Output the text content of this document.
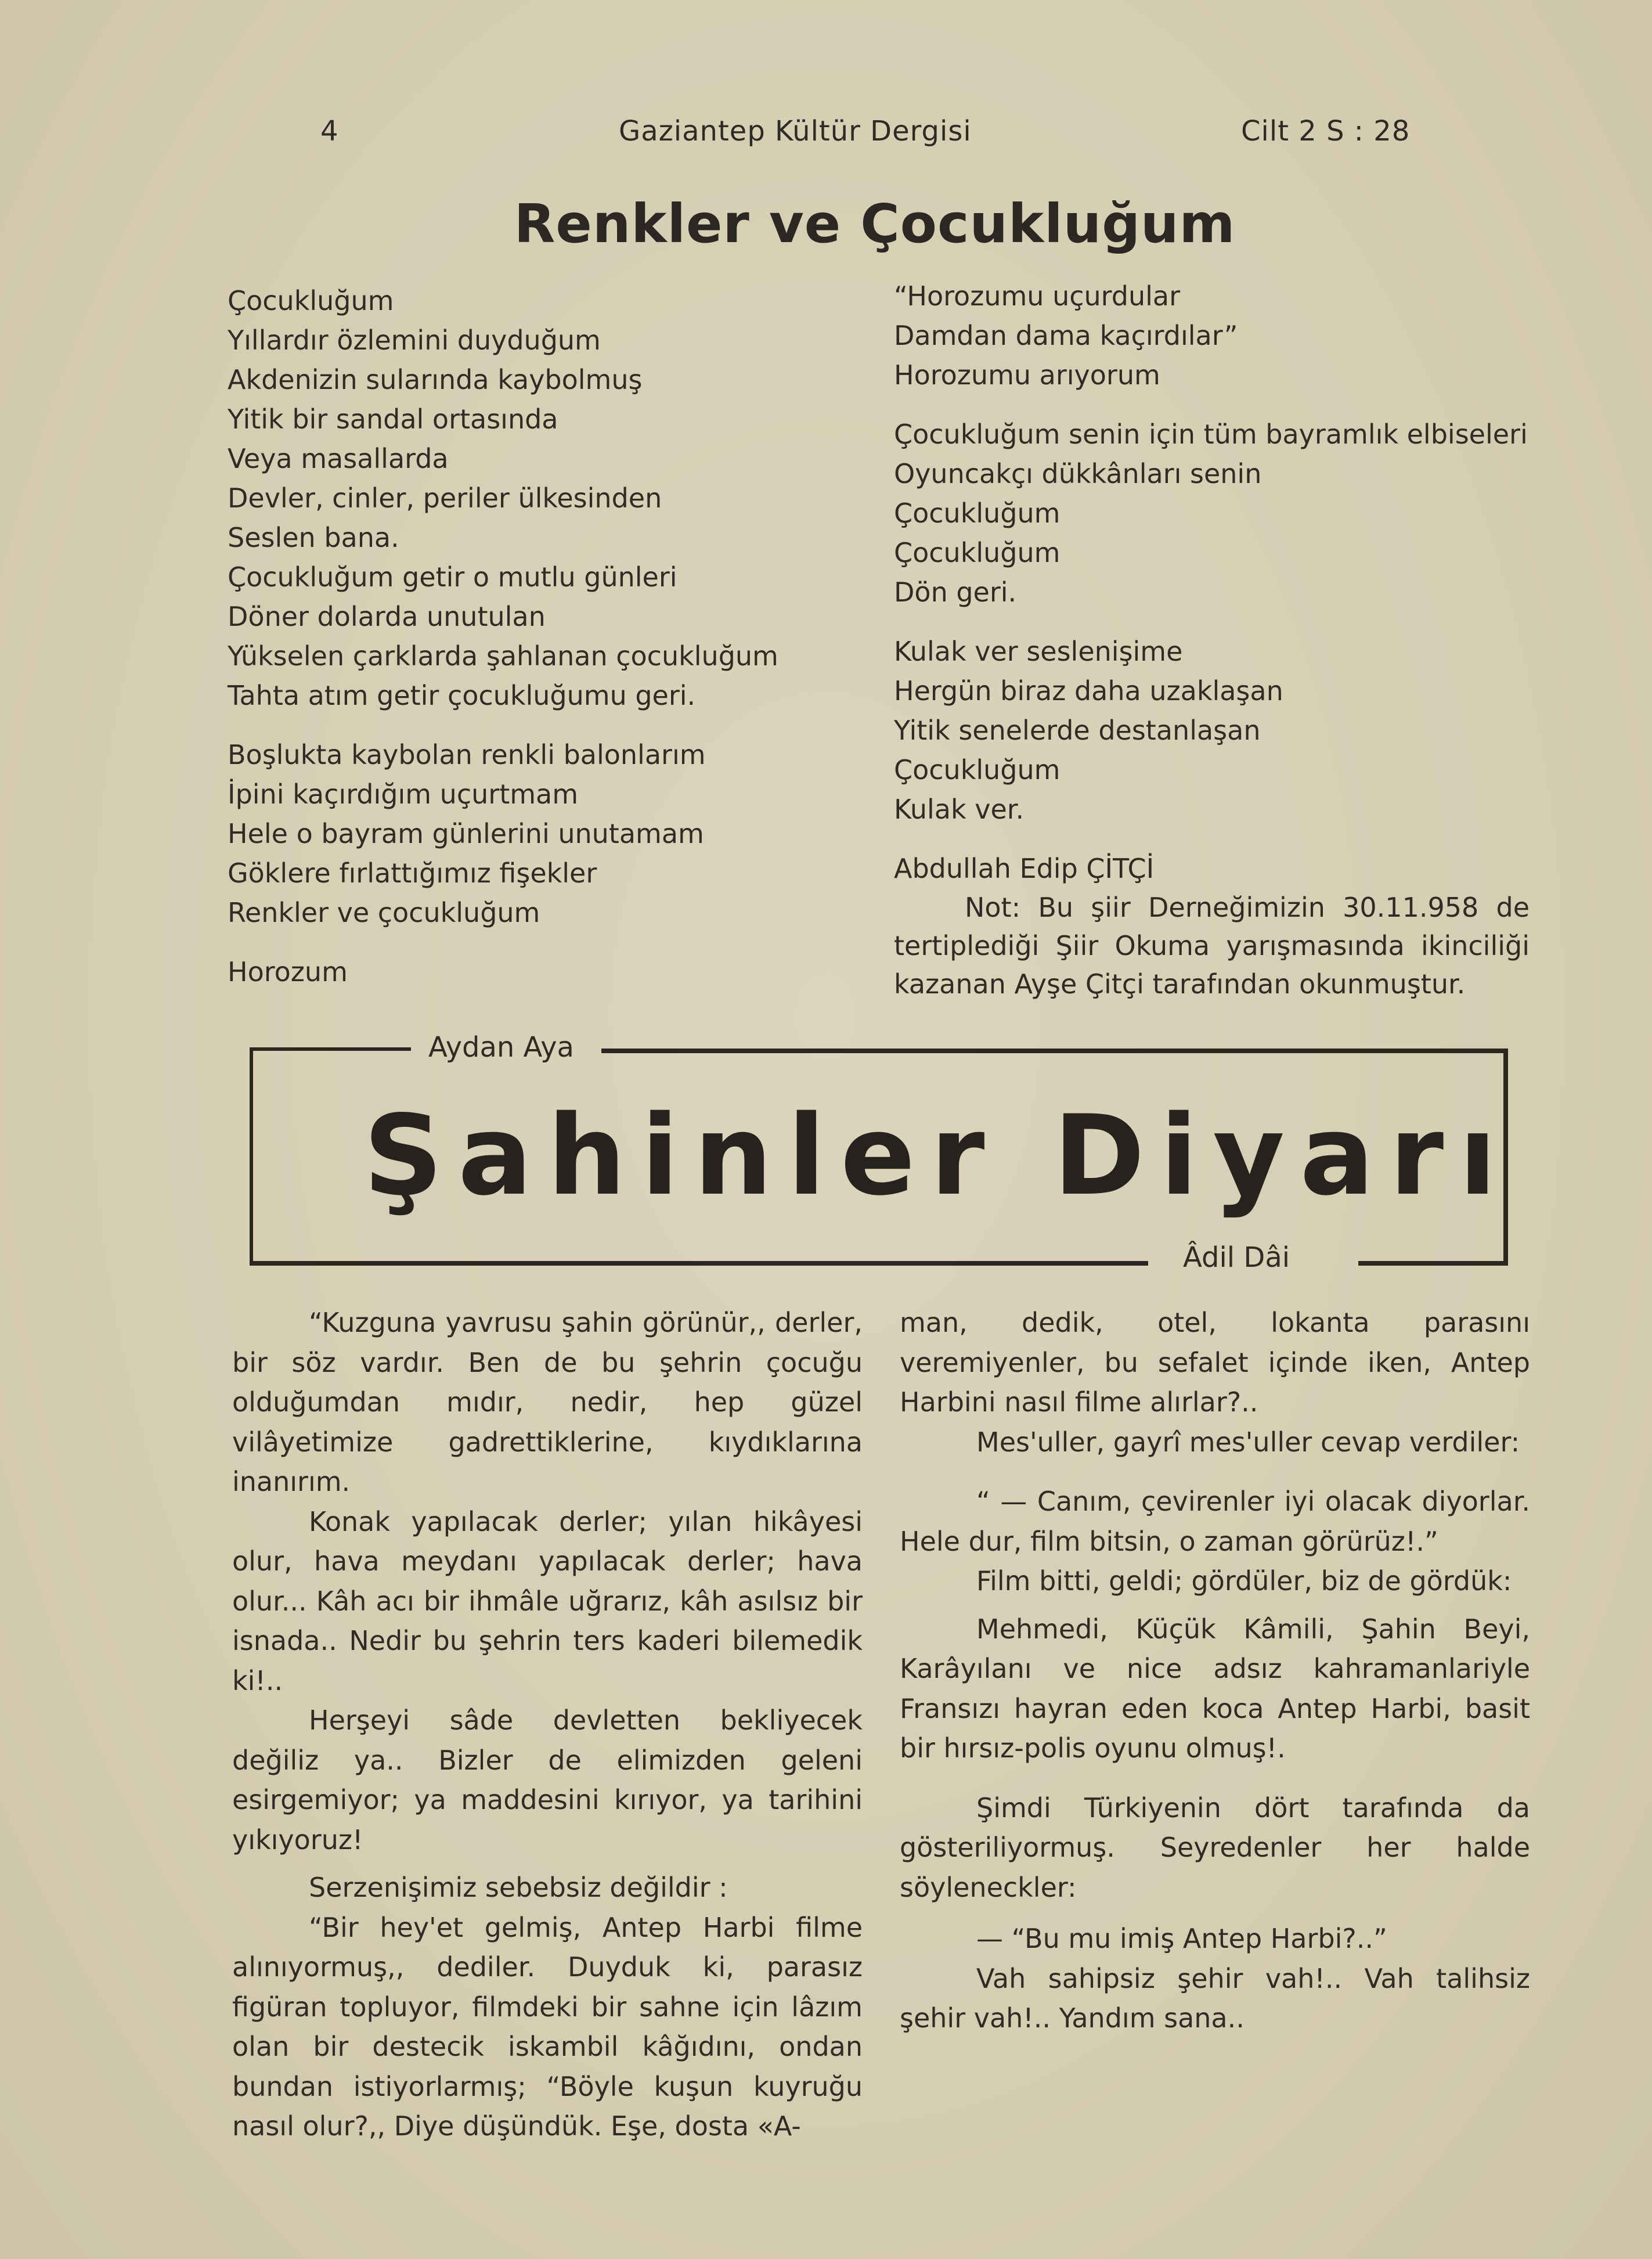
4	Gaziantep Kültür Dergisi	Cilt 2 S : 28
Renkler ve Çocukluğum

Çocukluğum

Yıllardır özlemini duyduğum

Akdenizin sularında kaybolmuş

Yitik bir sandal ortasında

Veya masallarda

Devler, cinler, periler ülkesinden

Seslen bana.

Çocukluğum getir o mutlu günleri

Döner dolarda unutulan

Yükselen çarklarda şahlanan çocukluğum

Tahta atım getir çocukluğumu geri.

Boşlukta kaybolan renkli balonlarım

İpini kaçırdığım uçurtmam

Hele o bayram günlerini unutamam

Göklere fırlattığımız fişekler

Renkler ve çocukluğum

Horozum

“Horozumu uçurdular

Damdan dama kaçırdılar”

Horozumu arıyorum

Çocukluğum senin için tüm bayramlık elbiseleri

Oyuncakçı dükkânları senin

Çocukluğum

Çocukluğum

Dön geri.

Kulak ver seslenişime

Hergün biraz daha uzaklaşan

Yitik senelerde destanlaşan

Çocukluğum

Kulak ver.

Abdullah Edip ÇİTÇİ

Not: Bu şiir Derneğimizin 30.11.958 de tertiplediği Şiir Okuma yarışmasında ikinciliği kazanan Ayşe Çitçi tarafından okunmuştur.

Aydan Aya
Şahinler Diyarı
Âdil Dâi

“Kuzguna yavrusu şahin görünür,, derler, bir söz vardır. Ben de bu şehrin çocuğu olduğumdan mıdır, nedir, hep güzel vilâyetimize gadrettiklerine, kıydıklarına inanırım.

Konak yapılacak derler; yılan hikâyesi olur, hava meydanı yapılacak derler; hava olur... Kâh acı bir ihmâle uğrarız, kâh asılsız bir isnada.. Nedir bu şehrin ters kaderi bilemedik ki!..

Herşeyi sâde devletten bekliyecek değiliz ya.. Bizler de elimizden geleni esirgemiyor; ya maddesini kırıyor, ya tarihini yıkıyoruz!

Serzenişimiz sebebsiz değildir :

“Bir hey'et gelmiş, Antep Harbi filme alınıyormuş,, dediler. Duyduk ki, parasız figüran topluyor, filmdeki bir sahne için lâzım olan bir destecik iskambil kâğıdını, ondan bundan istiyorlarmış; “Böyle kuşun kuyruğu nasıl olur?,, Diye düşündük. Eşe, dosta «A-

man, dedik, otel, lokanta parasını veremiyenler, bu sefalet içinde iken, Antep Harbini nasıl filme alırlar?..

Mes'uller, gayrî mes'uller cevap verdiler:

“ — Canım, çevirenler iyi olacak diyorlar. Hele dur, film bitsin, o zaman görürüz!.”

Film bitti, geldi; gördüler, biz de gördük:

Mehmedi, Küçük Kâmili, Şahin Beyi, Karâyılanı ve nice adsız kahramanlariyle Fransızı hayran eden koca Antep Harbi, basit bir hırsız-polis oyunu olmuş!.

Şimdi Türkiyenin dört tarafında da gösteriliyormuş. Seyredenler her halde söyleneckler:

— “Bu mu imiş Antep Harbi?..”

Vah sahipsiz şehir vah!.. Vah talihsiz şehir vah!.. Yandım sana..
